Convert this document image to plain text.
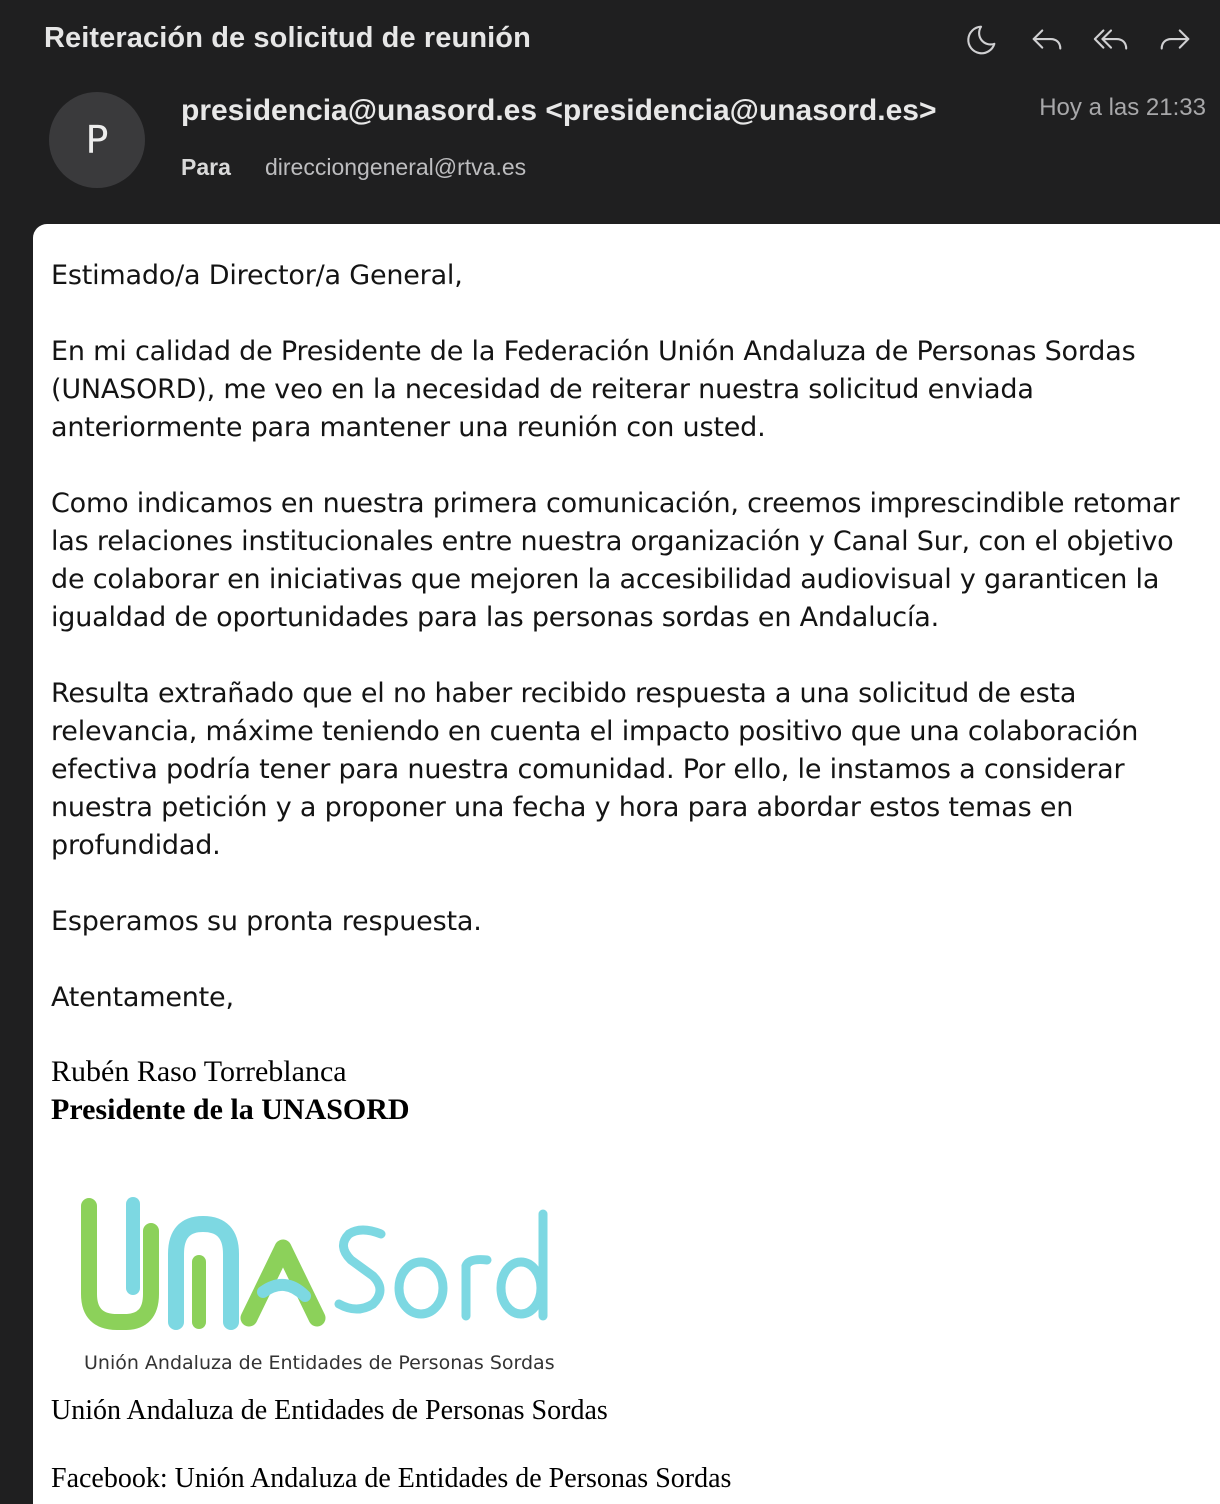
Reiteración de solicitud de reunión
P
presidencia@unasord.es <presidencia@unasord.es>	Hoy a las 21:33
Para direcciongeneral@rtva.es
Estimado/a Director/a General,
En mi calidad de Presidente de la Federación Unión Andaluza de Personas Sordas (UNASORD), me veo en la necesidad de reiterar nuestra solicitud enviada anteriormente para mantener una reunión con usted.
Como indicamos en nuestra primera comunicación, creemos imprescindible retomar las relaciones institucionales entre nuestra organización y Canal Sur, con el objetivo de colaborar en iniciativas que mejoren la accesibilidad audiovisual y garanticen la igualdad de oportunidades para las personas sordas en Andalucía.
Resulta extrañado que el no haber recibido respuesta a una solicitud de esta relevancia, máxime teniendo en cuenta el impacto positivo que una colaboración efectiva podría tener para nuestra comunidad. Por ello, le instamos a considerar nuestra petición y a proponer una fecha y hora para abordar estos temas en profundidad.
Esperamos su pronta respuesta.
Atentamente,
Rubén Raso Torreblanca
Presidente de la UNASORD
Unión Andaluza de Entidades de Personas Sordas
Unión Andaluza de Entidades de Personas Sordas
Facebook: Unión Andaluza de Entidades de Personas Sordas
